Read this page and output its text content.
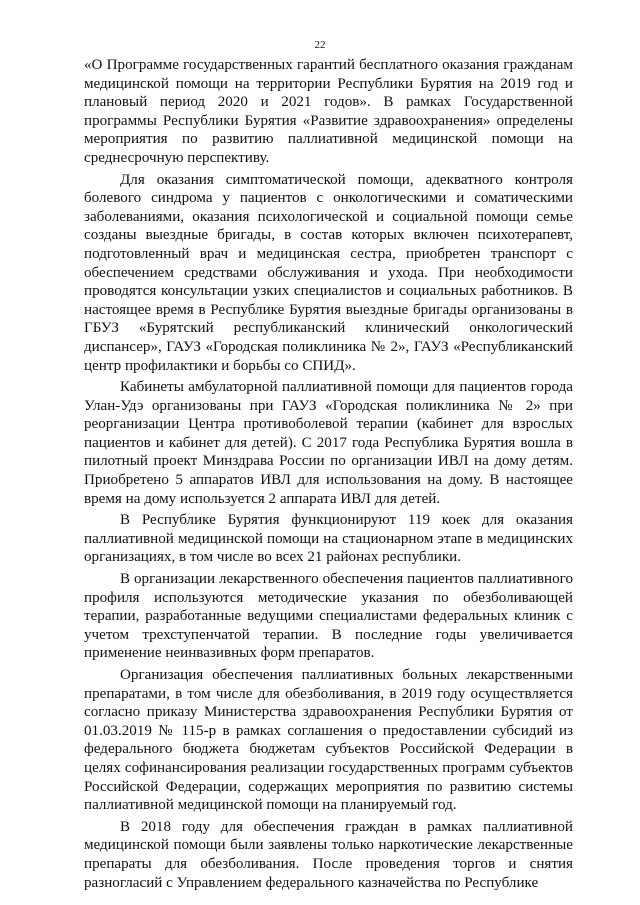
22

«О Программе государственных гарантий бесплатного оказания гражданам медицинской помощи на территории Республики Бурятия на 2019 год и плановый период 2020 и 2021 годов». В рамках Государственной программы Республики Бурятия «Развитие здравоохранения» определены мероприятия по развитию паллиативной медицинской помощи на среднесрочную перспективу.

Для оказания симптоматической помощи, адекватного контроля болевого синдрома у пациентов с онкологическими и соматическими заболеваниями, оказания психологической и социальной помощи семье созданы выездные бригады, в состав которых включен психотерапевт, подготовленный врач и медицинская сестра, приобретен транспорт с обеспечением средствами обслуживания и ухода. При необходимости проводятся консультации узких специалистов и социальных работников. В настоящее время в Республике Бурятия выездные бригады организованы в ГБУЗ «Бурятский республиканский клинический онкологический диспансер», ГАУЗ «Городская поликлиника № 2», ГАУЗ «Республиканский центр профилактики и борьбы со СПИД».

Кабинеты амбулаторной паллиативной помощи для пациентов города Улан-Удэ организованы при ГАУЗ «Городская поликлиника № 2» при реорганизации Центра противоболевой терапии (кабинет для взрослых пациентов и кабинет для детей). С 2017 года Республика Бурятия вошла в пилотный проект Минздрава России по организации ИВЛ на дому детям. Приобретено 5 аппаратов ИВЛ для использования на дому. В настоящее время на дому используется 2 аппарата ИВЛ для детей.

В Республике Бурятия функционируют 119 коек для оказания паллиативной медицинской помощи на стационарном этапе в медицинских организациях, в том числе во всех 21 районах республики.

В организации лекарственного обеспечения пациентов паллиативного профиля используются методические указания по обезболивающей терапии, разработанные ведущими специалистами федеральных клиник с учетом трехступенчатой терапии. В последние годы увеличивается применение неинвазивных форм препаратов.

Организация обеспечения паллиативных больных лекарственными препаратами, в том числе для обезболивания, в 2019 году осуществляется согласно приказу Министерства здравоохранения Республики Бурятия от 01.03.2019 № 115-р в рамках соглашения о предоставлении субсидий из федерального бюджета бюджетам субъектов Российской Федерации в целях софинансирования реализации государственных программ субъектов Российской Федерации, содержащих мероприятия по развитию системы паллиативной медицинской помощи на планируемый год.

В 2018 году для обеспечения граждан в рамках паллиативной медицинской помощи были заявлены только наркотические лекарственные препараты для обезболивания. После проведения торгов и снятия разногласий с Управлением федерального казначейства по Республике
